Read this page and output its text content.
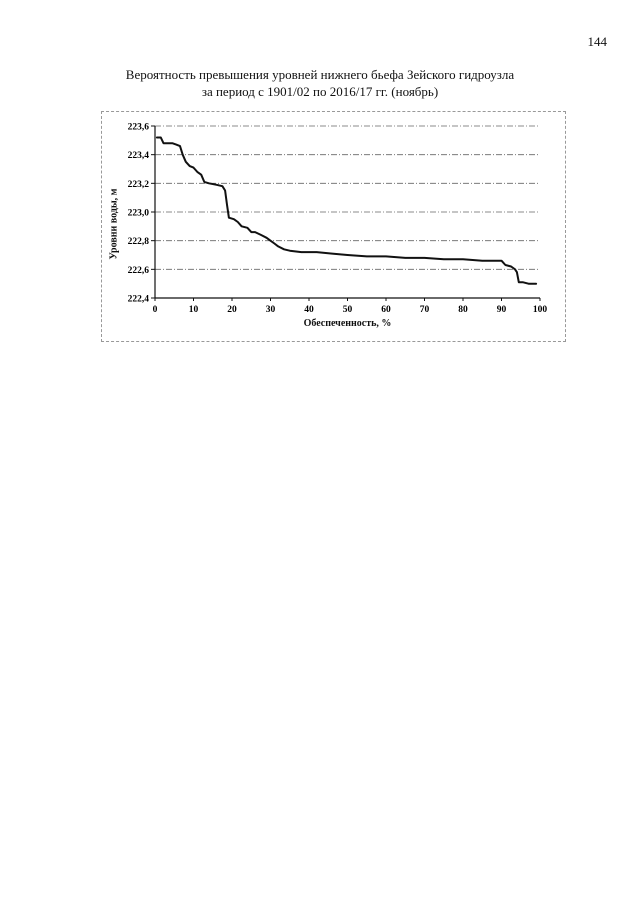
144
Вероятность превышения уровней нижнего бьефа Зейского гидроузла
за период с 1901/02 по 2016/17 гг. (ноябрь)
223,6
223,4
223,2
223,0
222,8
222,6
222,4
0	10	20	30	40	50	60	70	80	90	100
Уровни воды, м
Обеспеченность, %
